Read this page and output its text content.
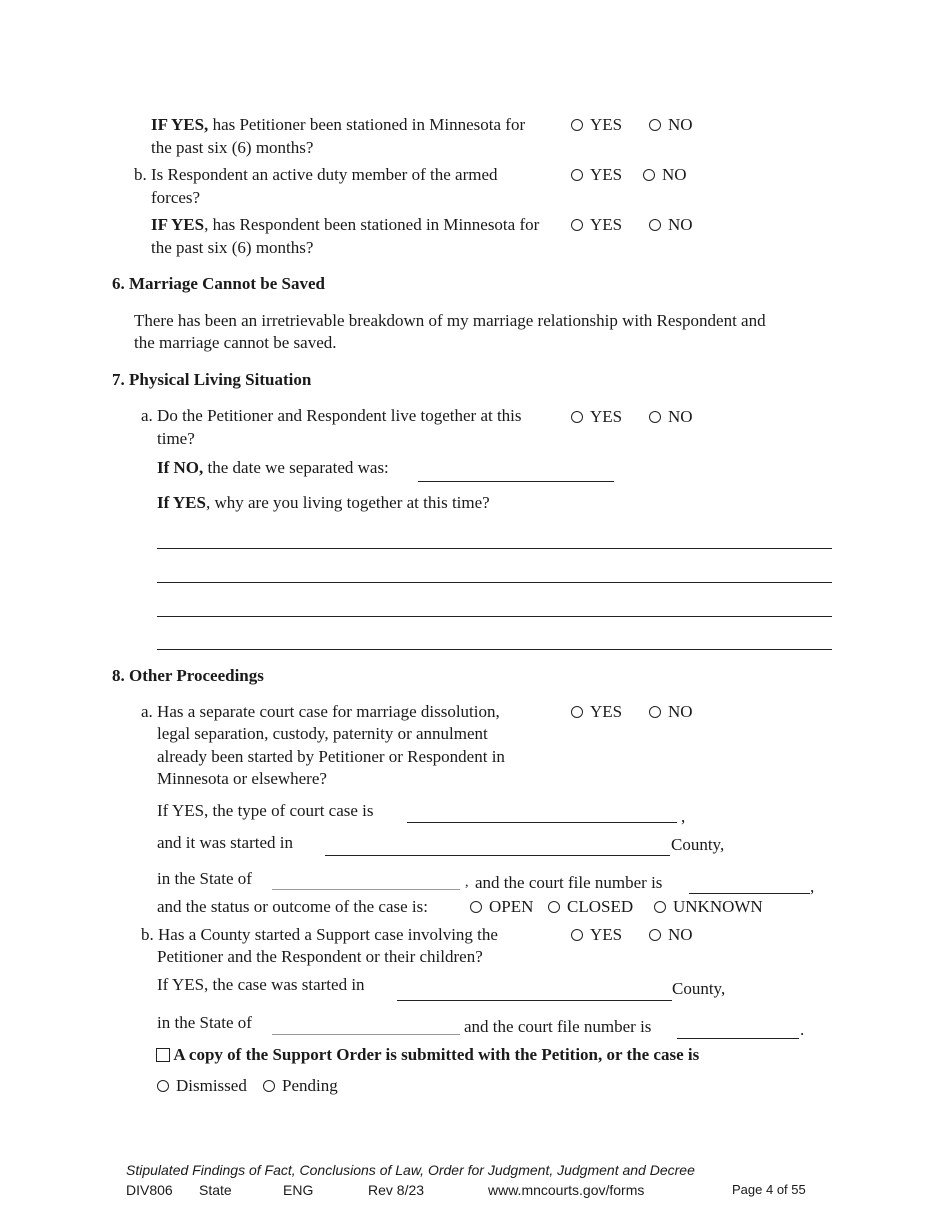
IF YES, has Petitioner been stationed in Minnesota for
the past six (6) months?
YES	NO
b. Is Respondent an active duty member of the armed
forces?
YES	NO
IF YES, has Respondent been stationed in Minnesota for
the past six (6) months?
YES	NO
6. Marriage Cannot be Saved
There has been an irretrievable breakdown of my marriage relationship with Respondent and
the marriage cannot be saved.
7. Physical Living Situation
a. Do the Petitioner and Respondent live together at this
time?
YES	NO
If NO, the date we separated was:
If YES, why are you living together at this time?
8. Other Proceedings
a. Has a separate court case for marriage dissolution,
legal separation, custody, paternity or annulment
already been started by Petitioner or Respondent in
Minnesota or elsewhere?
YES	NO
If YES, the type of court case is	,
and it was started in	County,
in the State of	, and the court file number is	,
and the status or outcome of the case is:	OPEN	CLOSED	UNKNOWN
b. Has a County started a Support case involving the
Petitioner and the Respondent or their children?
YES	NO
If YES, the case was started in	County,
in the State of	and the court file number is	.
A copy of the Support Order is submitted with the Petition, or the case is
Dismissed	Pending
Stipulated Findings of Fact, Conclusions of Law, Order for Judgment, Judgment and Decree
DIV806 State	ENG	Rev 8/23	www.mncourts.gov/forms	Page 4 of 55
